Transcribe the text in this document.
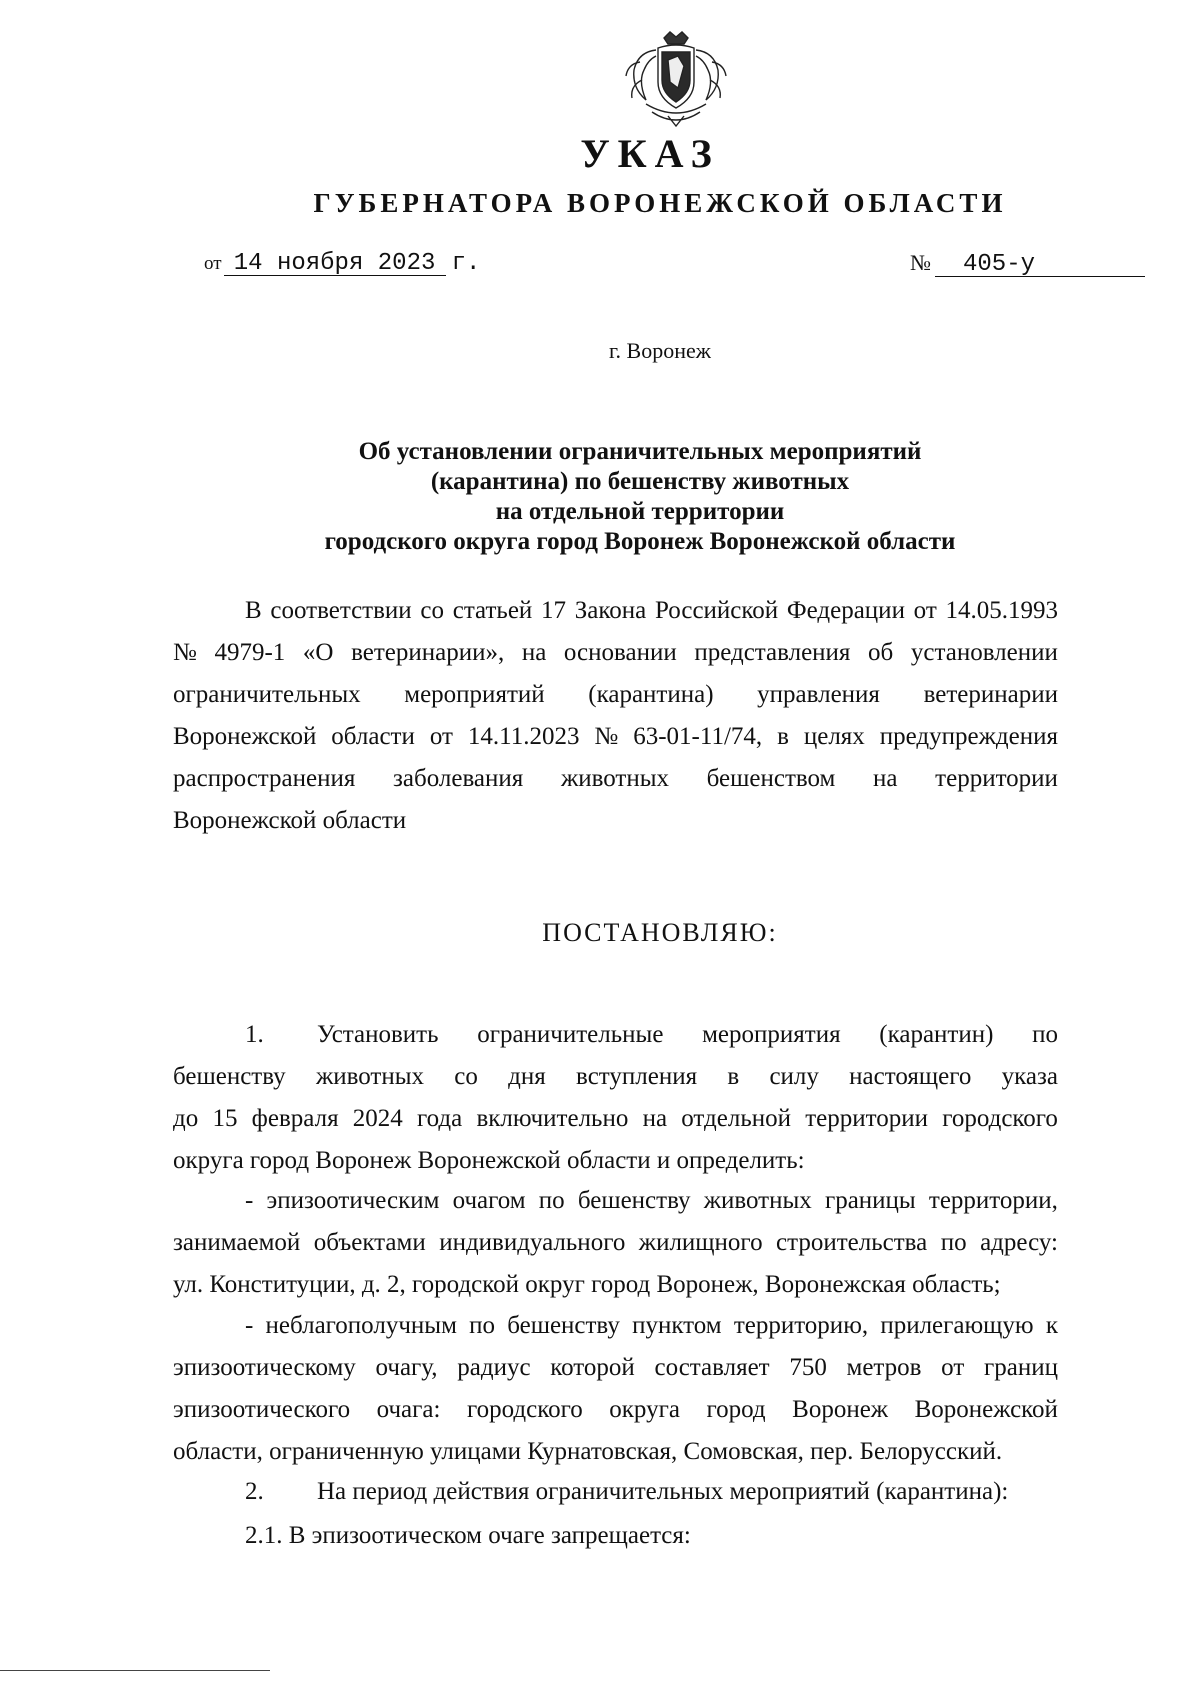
УКАЗ
ГУБЕРНАТОРА ВОРОНЕЖСКОЙ ОБЛАСТИ
от 14 ноября 2023 г.	№ 405-у
г. Воронеж
Об установлении ограничительных мероприятий
(карантина) по бешенству животных
на отдельной территории
городского округа город Воронеж Воронежской области
В соответствии со статьей 17 Закона Российской Федерации от 14.05.1993
№ 4979-1 «О ветеринарии», на основании представления об установлении
ограничительных мероприятий (карантина) управления ветеринарии
Воронежской области от 14.11.2023 № 63-01-11/74, в целях предупреждения
распространения заболевания животных бешенством на территории
Воронежской области
ПОСТАНОВЛЯЮ:
1.	Установить ограничительные мероприятия (карантин) по
бешенству животных со дня вступления в силу настоящего указа
до 15 февраля 2024 года включительно на отдельной территории городского
округа город Воронеж Воронежской области и определить:
- эпизоотическим очагом по бешенству животных границы территории,
занимаемой объектами индивидуального жилищного строительства по адресу:
ул. Конституции, д. 2, городской округ город Воронеж, Воронежская область;
- неблагополучным по бешенству пунктом территорию, прилегающую к
эпизоотическому очагу, радиус которой составляет 750 метров от границ
эпизоотического очага: городского округа город Воронеж Воронежской
области, ограниченную улицами Курнатовская, Сомовская, пер. Белорусский.
2.	На период действия ограничительных мероприятий (карантина):
2.1. В эпизоотическом очаге запрещается:
